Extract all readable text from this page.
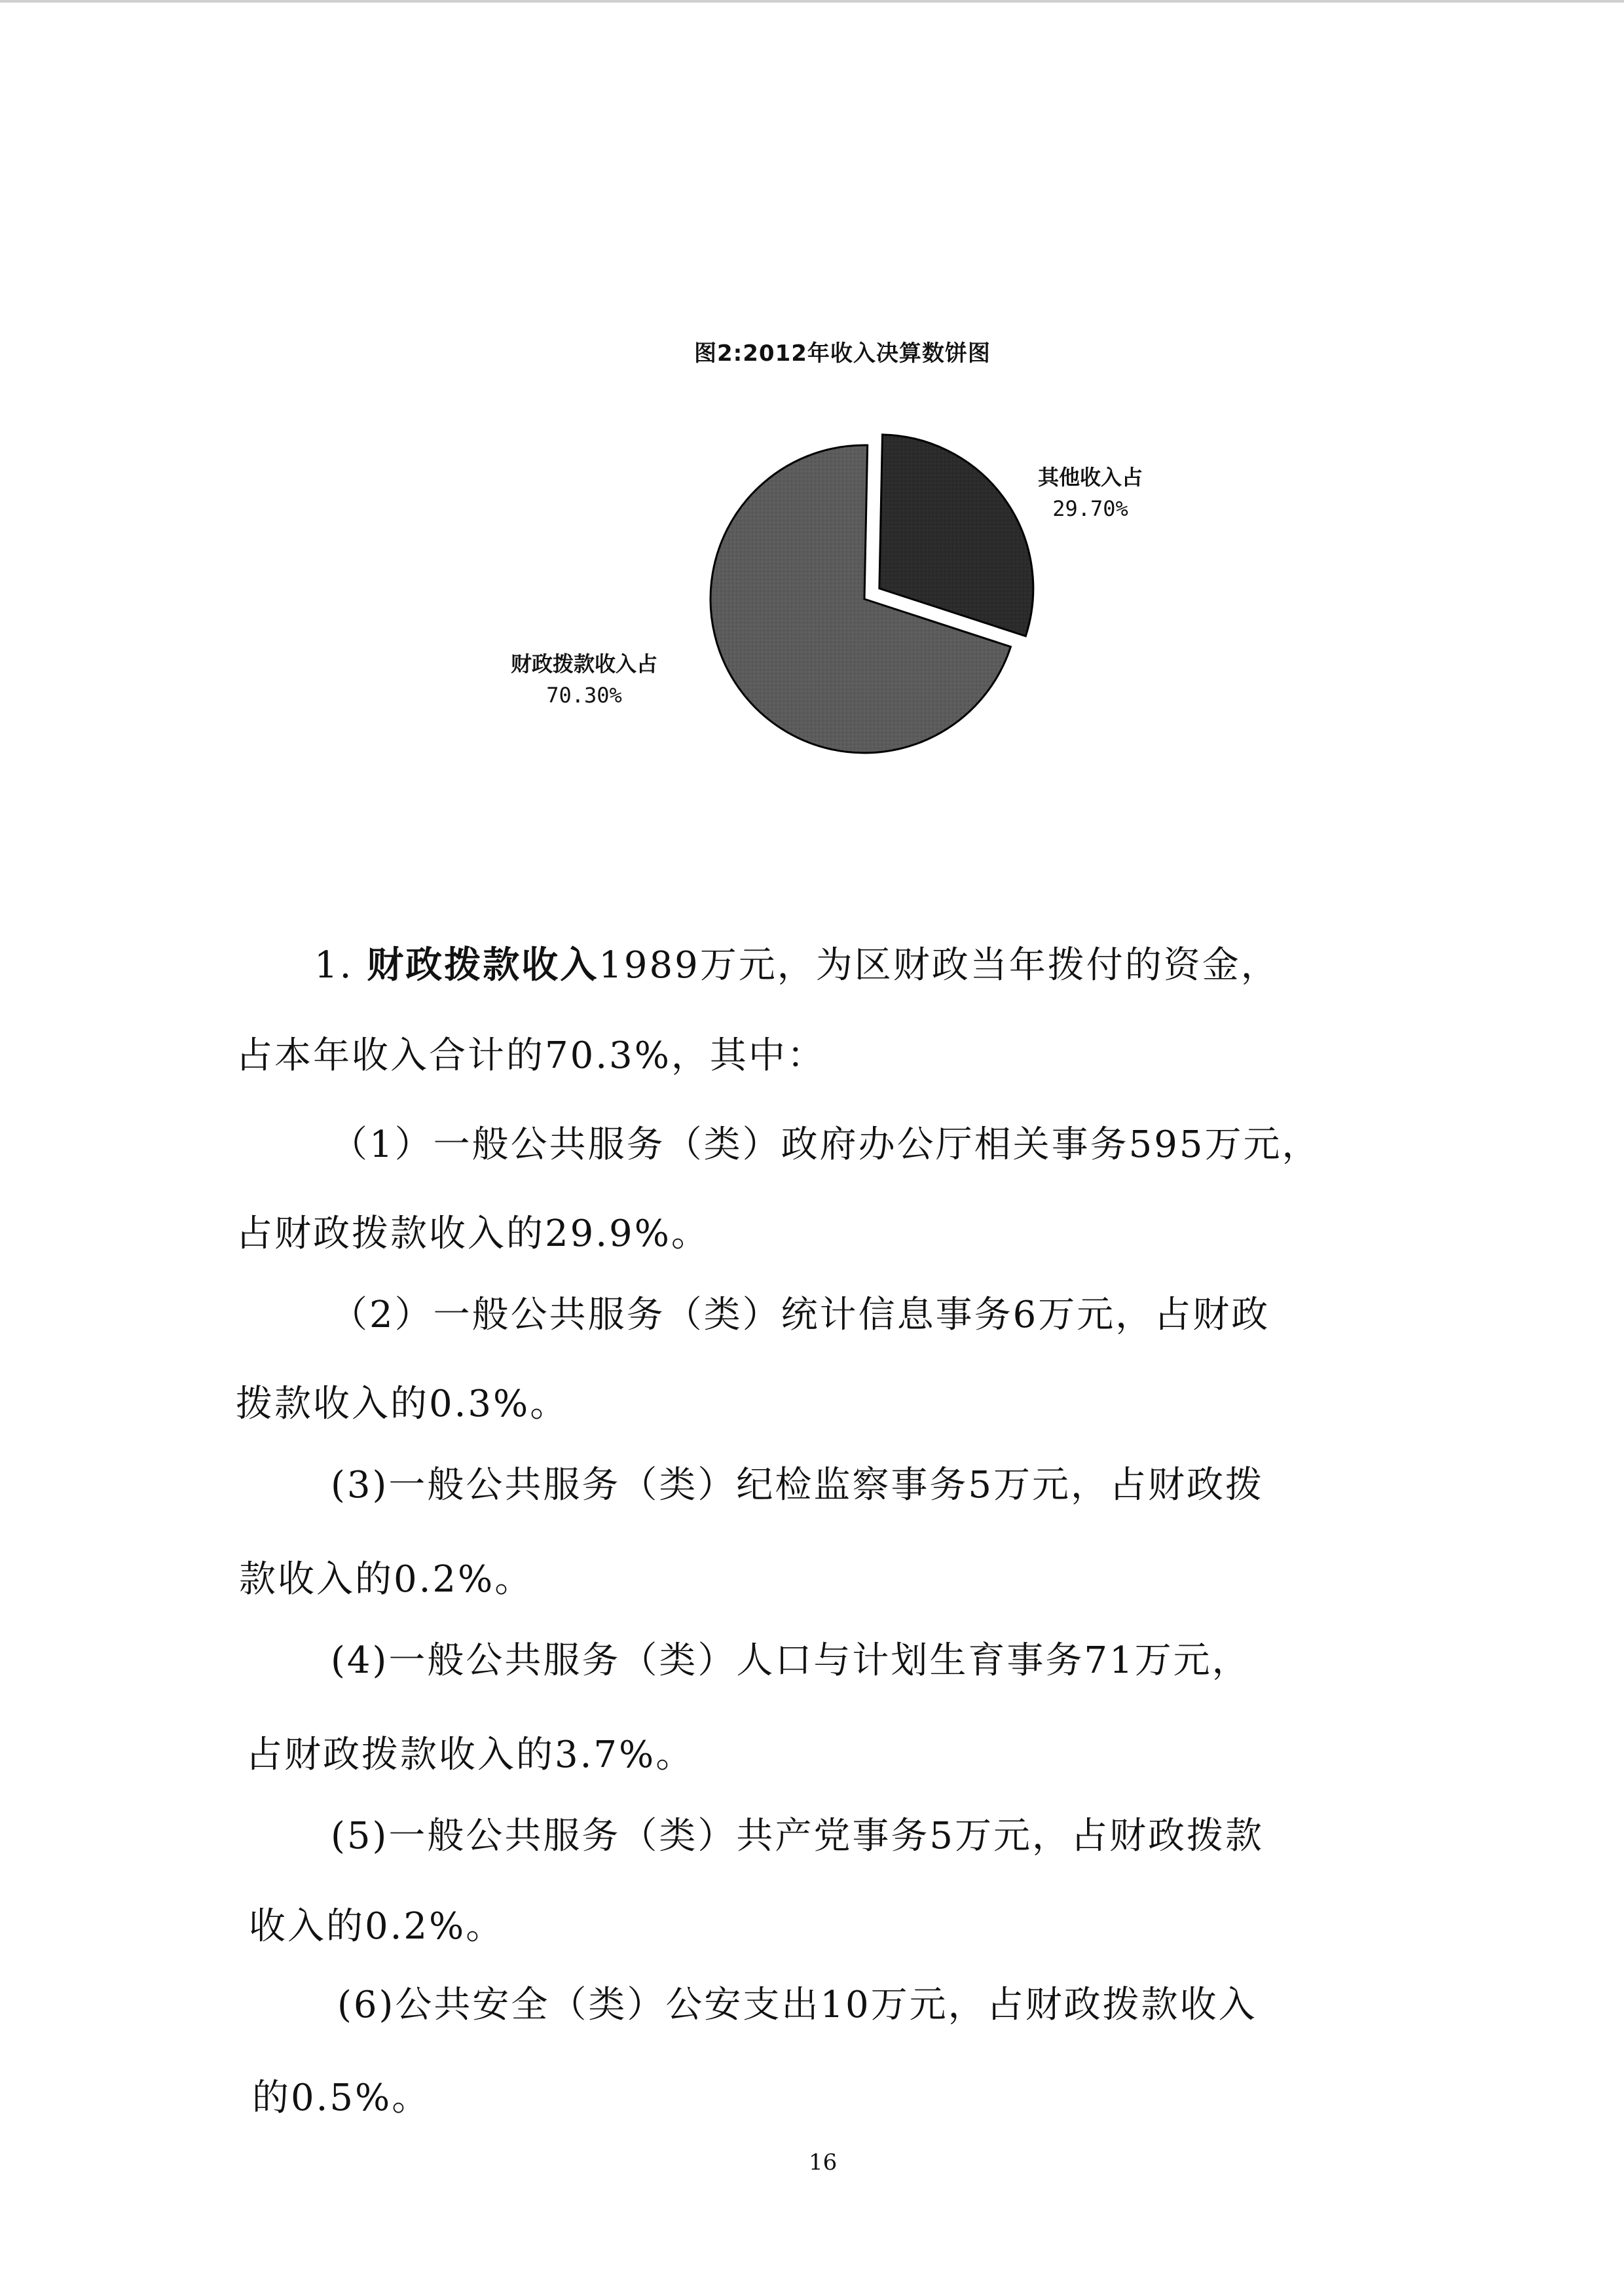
图2:2012年收入决算数饼图
其他收入占
29.70%
财政拨款收入占
70.30%
1. 财政拨款收入1989万元，为区财政当年拨付的资金，
占本年收入合计的70.3%，其中：
（1）一般公共服务（类）政府办公厅相关事务595万元，
占财政拨款收入的29.9%。
（2）一般公共服务（类）统计信息事务6万元，占财政
拨款收入的0.3%。
(3)一般公共服务（类）纪检监察事务5万元，占财政拨
款收入的0.2%。
(4)一般公共服务（类）人口与计划生育事务71万元，
占财政拨款收入的3.7%。
(5)一般公共服务（类）共产党事务5万元，占财政拨款
收入的0.2%。
(6)公共安全（类）公安支出10万元，占财政拨款收入
的0.5%。
16
